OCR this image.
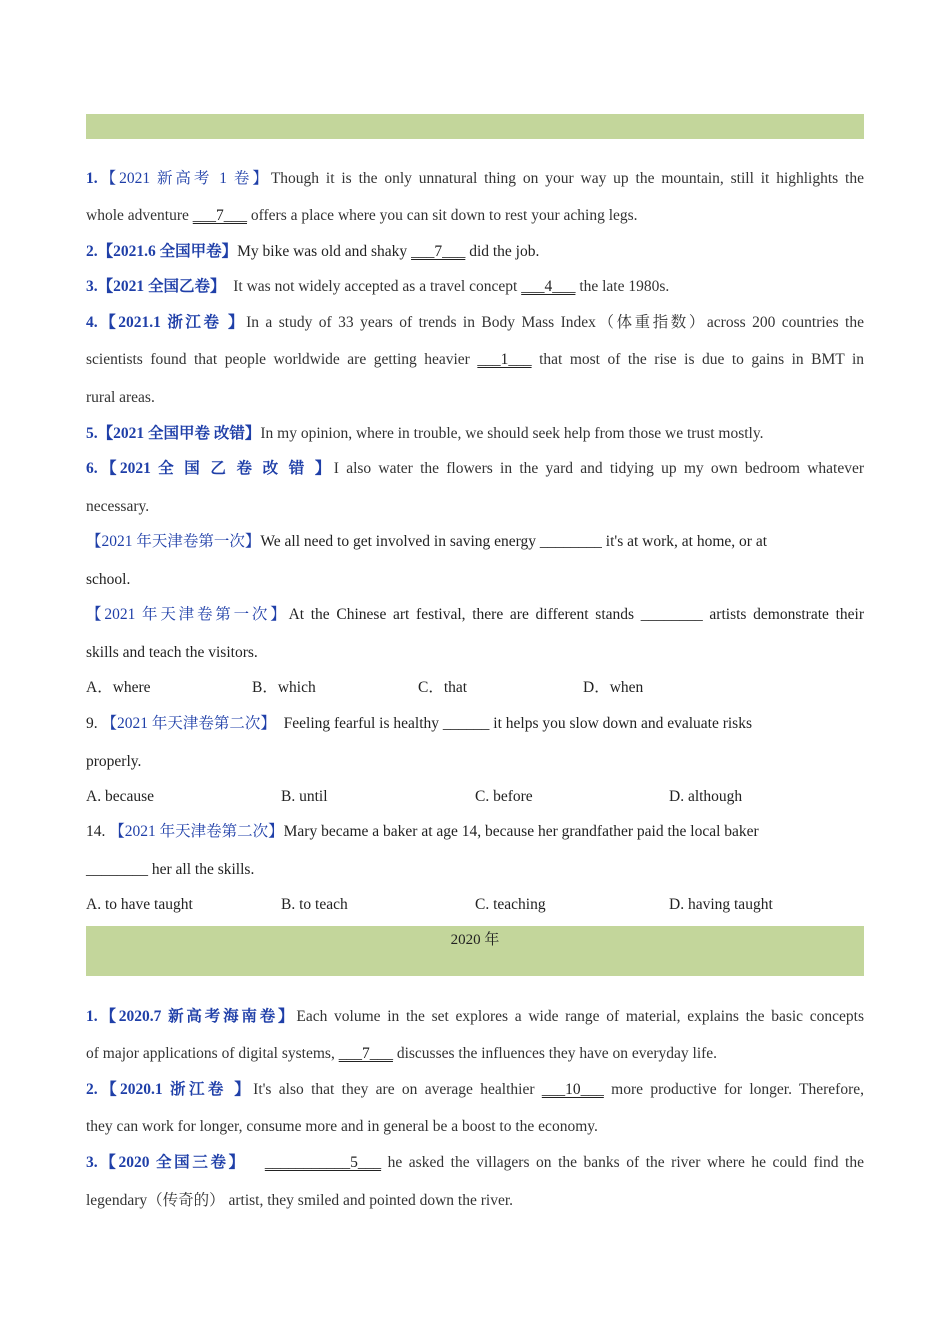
1.【2021 新高考 1 卷】Though it is the only unnatural thing on your way up the mountain, still it highlights the

whole adventure ___7___ offers a place where you can sit down to rest your aching legs.

2.【2021.6 全国甲卷】My bike was old and shaky ___7___ did the job.

3.【2021 全国乙卷】  It was not widely accepted as a travel concept ___4___ the late 1980s.

4.【2021.1 浙江卷 】In a study of 33 years of trends in Body Mass Index（体重指数）across 200 countries the

scientists found that people worldwide are getting heavier ___1___ that most of the rise is due to gains in BMT in

rural areas.

5.【2021 全国甲卷 改错】In my opinion, where in trouble, we should seek help from those we trust mostly.

6.【2021 全 国 乙 卷 改 错 】I also water the flowers in the yard and tidying up my own bedroom whatever

necessary.

【2021 年天津卷第一次】We all need to get involved in saving energy ________ it's at work, at home, or at

school.

【2021 年天津卷第一次】At the Chinese art festival, there are different stands ________ artists demonstrate their

skills and teach the visitors.

A．where	B．which	C．that	D．when

9. 【2021 年天津卷第二次】  Feeling fearful is healthy ______ it helps you slow down and evaluate risks

properly.

A. because	B. until	C. before	D. although

14. 【2021 年天津卷第二次】Mary became a baker at age 14, because her grandfather paid the local baker

________ her all the skills.

A. to have taught	B. to teach	C. teaching	D. having taught
2020 年

1.【2020.7 新高考海南卷】Each volume in the set explores a wide range of material, explains the basic concepts

of major applications of digital systems, ___7___ discusses the influences they have on everyday life.

2.【2020.1 浙江卷 】It's also that they are on average healthier ___10___ more productive for longer. Therefore,

they can work for longer, consume more and in general be a boost to the economy.

3.【2020 全国三卷】 ___________5___ he asked the villagers on the banks of the river where he could find the

legendary（传奇的） artist, they smiled and pointed down the river.
